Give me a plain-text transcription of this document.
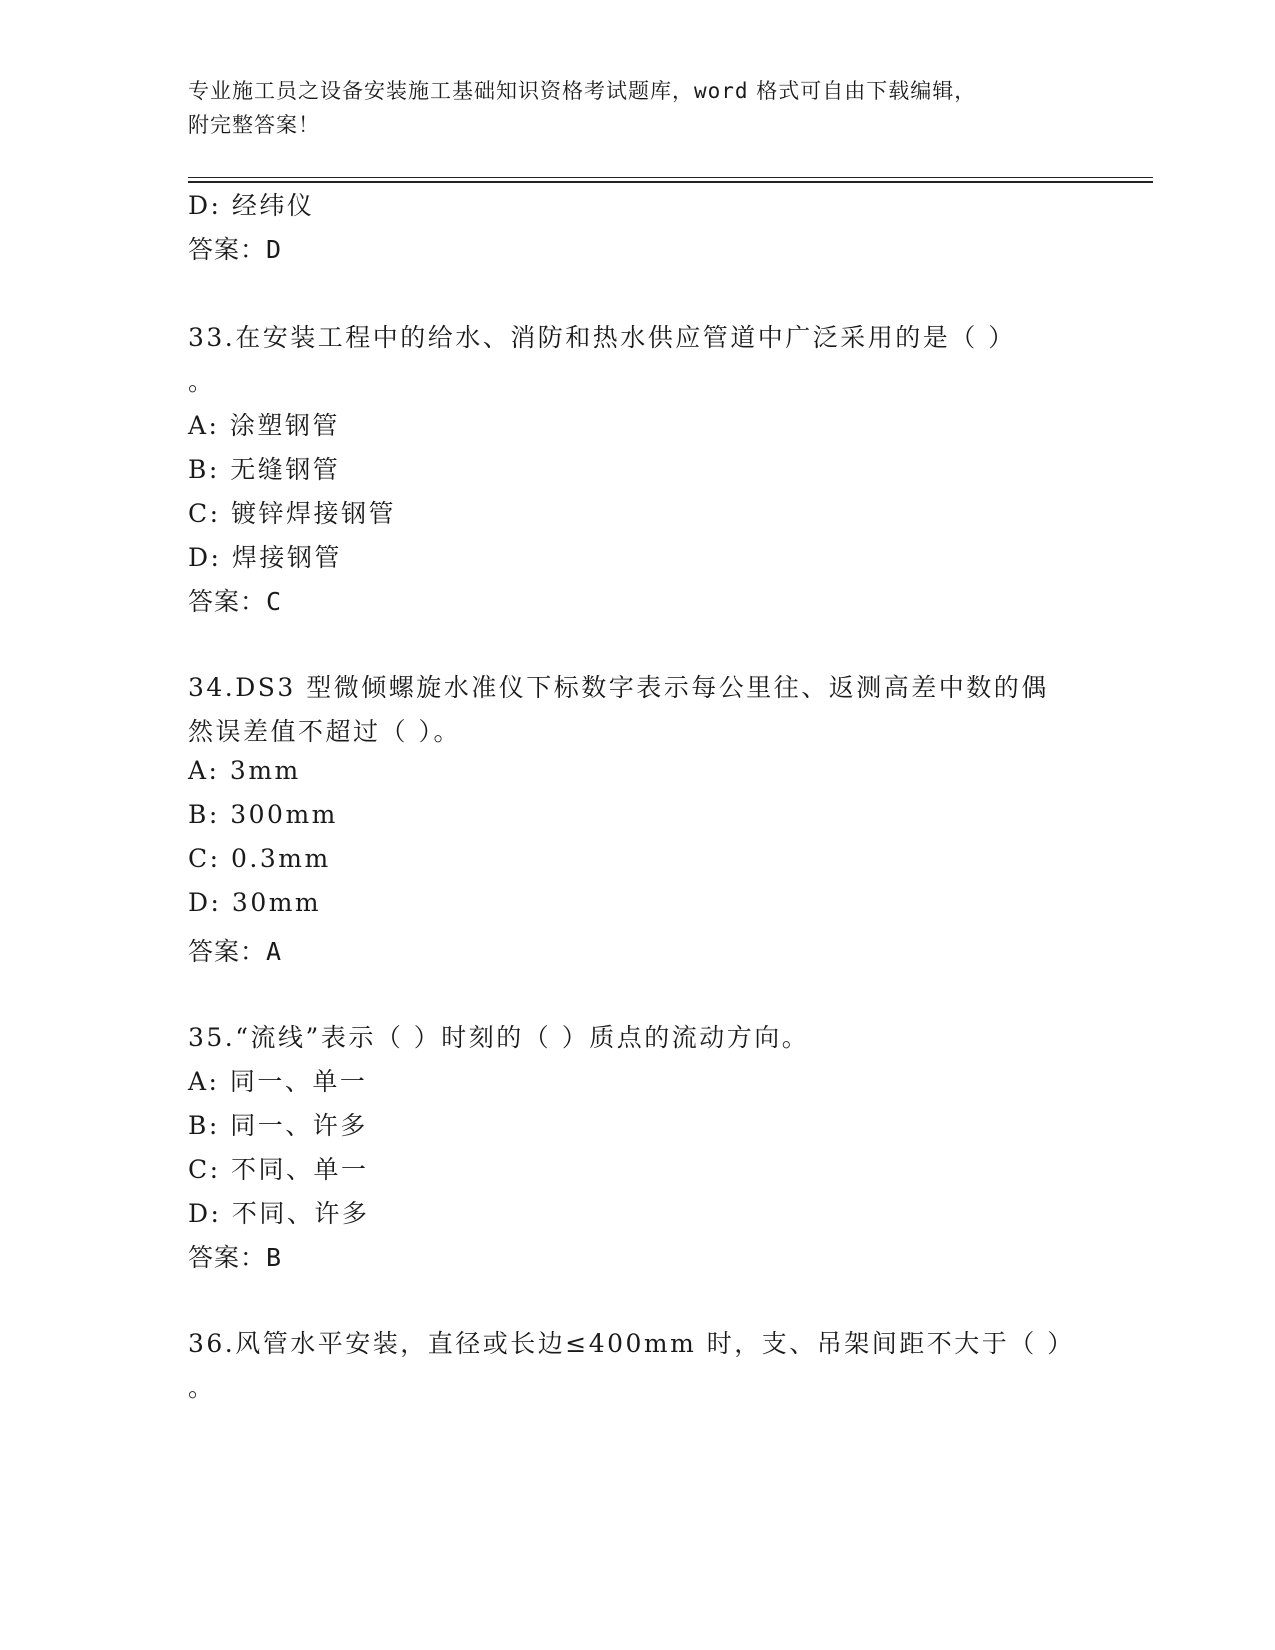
专业施工员之设备安装施工基础知识资格考试题库，word 格式可自由下载编辑，
附完整答案！
D: 经纬仪
答案：D
33.在安装工程中的给水、消防和热水供应管道中广泛采用的是（ ）
。
A: 涂塑钢管
B: 无缝钢管
C: 镀锌焊接钢管
D: 焊接钢管
答案：C
34.DS3 型微倾螺旋水准仪下标数字表示每公里往、返测高差中数的偶
然误差值不超过（ ）。
A: 3mm
B: 300mm
C: 0.3mm
D: 30mm
答案：A
35.“流线”表示（ ）时刻的（ ）质点的流动方向。
A: 同一、单一
B: 同一、许多
C: 不同、单一
D: 不同、许多
答案：B
36.风管水平安装，直径或长边≤400mm 时，支、吊架间距不大于（ ）
。
